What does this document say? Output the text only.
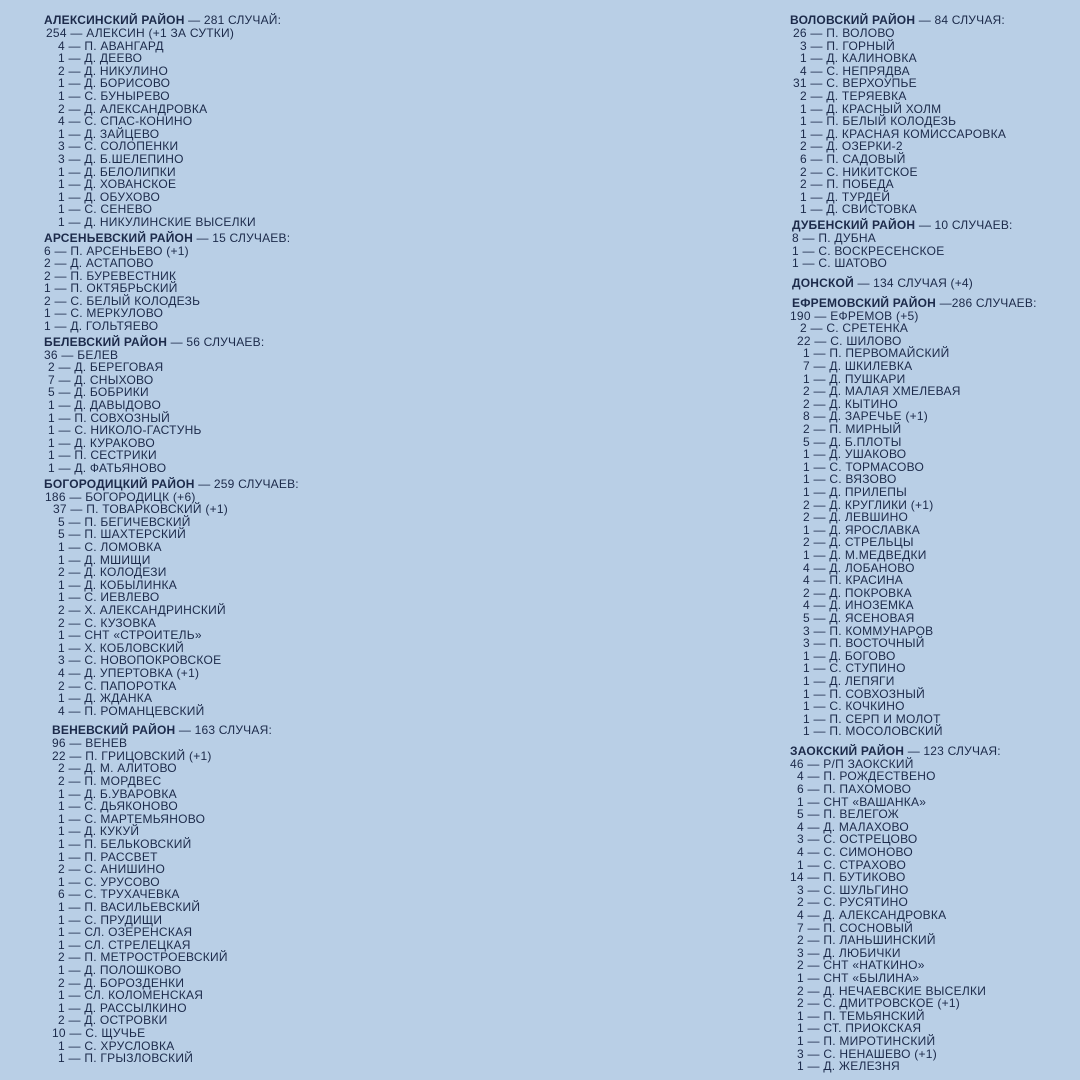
АЛЕКСИНСКИЙ РАЙОН — 281 СЛУЧАЙ:
254 — АЛЕКСИН (+1 ЗА СУТКИ)
4 — П. АВАНГАРД
1 — Д. ДЕЕВО
2 — Д. НИКУЛИНО
1 — Д. БОРИСОВО
1 — С. БУНЫРЕВО
2 — Д. АЛЕКСАНДРОВКА
4 — С. СПАС-КОНИНО
1 — Д. ЗАЙЦЕВО
3 — С. СОЛОПЕНКИ
3 — Д. Б.ШЕЛЕПИНО
1 — Д. БЕЛОЛИПКИ
1 — Д. ХОВАНСКОЕ
1 — Д. ОБУХОВО
1 — С. СЕНЕВО
1 — Д. НИКУЛИНСКИЕ ВЫСЕЛКИ
АРСЕНЬЕВСКИЙ РАЙОН — 15 СЛУЧАЕВ:
6 — П. АРСЕНЬЕВО (+1)
2 — Д. АСТАПОВО
2 — П. БУРЕВЕСТНИК
1 — П. ОКТЯБРЬСКИЙ
2 — С. БЕЛЫЙ КОЛОДЕЗЬ
1 — С. МЕРКУЛОВО
1 — Д. ГОЛЬТЯЕВО
БЕЛЕВСКИЙ РАЙОН — 56 СЛУЧАЕВ:
36 — БЕЛЕВ
2 — Д. БЕРЕГОВАЯ
7 — Д. СНЫХОВО
5 — Д. БОБРИКИ
1 — Д. ДАВЫДОВО
1 — П. СОВХОЗНЫЙ
1 — С. НИКОЛО-ГАСТУНЬ
1 — Д. КУРАКОВО
1 — П. СЕСТРИКИ
1 — Д. ФАТЬЯНОВО
БОГОРОДИЦКИЙ РАЙОН — 259 СЛУЧАЕВ:
186 — БОГОРОДИЦК (+6)
37 — П. ТОВАРКОВСКИЙ (+1)
5 — П. БЕГИЧЕВСКИЙ
5 — П. ШАХТЕРСКИЙ
1 — С. ЛОМОВКА
1 — Д. МШИЩИ
2 — Д. КОЛОДЕЗИ
1 — Д. КОБЫЛИНКА
1 — С. ИЕВЛЕВО
2 — Х. АЛЕКСАНДРИНСКИЙ
2 — С. КУЗОВКА
1 — СНТ «СТРОИТЕЛЬ»
1 — Х. КОБЛОВСКИЙ
3 — С. НОВОПОКРОВСКОЕ
4 — Д. УПЕРТОВКА (+1)
2 — С. ПАПОРОТКА
1 — Д. ЖДАНКА
4 — П. РОМАНЦЕВСКИЙ
ВЕНЕВСКИЙ РАЙОН — 163 СЛУЧАЯ:
96 — ВЕНЕВ
22 — П. ГРИЦОВСКИЙ (+1)
2 — Д. М. АЛИТОВО
2 — П. МОРДВЕС
1 — Д. Б.УВАРОВКА
1 — С. ДЬЯКОНОВО
1 — С. МАРТЕМЬЯНОВО
1 — Д. КУКУЙ
1 — П. БЕЛЬКОВСКИЙ
1 — П. РАССВЕТ
2 — С. АНИШИНО
1 — С. УРУСОВО
6 — С. ТРУХАЧЕВКА
1 — П. ВАСИЛЬЕВСКИЙ
1 — С. ПРУДИЩИ
1 — СЛ. ОЗЕРЕНСКАЯ
1 — СЛ. СТРЕЛЕЦКАЯ
2 — П. МЕТРОСТРОЕВСКИЙ
1 — Д. ПОЛОШКОВО
2 — Д. БОРОЗДЕНКИ
1 — СЛ. КОЛОМЕНСКАЯ
1 — Д. РАССЫЛКИНО
2 — Д. ОСТРОВКИ
10 — С. ЩУЧЬЕ
1 — С. ХРУСЛОВКА
1 — П. ГРЫЗЛОВСКИЙ
ВОЛОВСКИЙ РАЙОН — 84 СЛУЧАЯ:
26 — П. ВОЛОВО
3 — П. ГОРНЫЙ
1 — Д. КАЛИНОВКА
4 — С. НЕПРЯДВА
31 — С. ВЕРХОУПЬЕ
2 — Д. ТЕРЯЕВКА
1 — Д. КРАСНЫЙ ХОЛМ
1 — П. БЕЛЫЙ КОЛОДЕЗЬ
1 — Д. КРАСНАЯ КОМИССАРОВКА
2 — Д. ОЗЕРКИ-2
6 — П. САДОВЫЙ
2 — С. НИКИТСКОЕ
2 — П. ПОБЕДА
1 — Д. ТУРДЕЙ
1 — Д. СВИСТОВКА
ДУБЕНСКИЙ РАЙОН — 10 СЛУЧАЕВ:
8 — П. ДУБНА
1 — С. ВОСКРЕСЕНСКОЕ
1 — С. ШАТОВО
ДОНСКОЙ — 134 СЛУЧАЯ (+4)
ЕФРЕМОВСКИЙ РАЙОН —286 СЛУЧАЕВ:
190 — ЕФРЕМОВ (+5)
2 — С. СРЕТЕНКА
22 — С. ШИЛОВО
1 — П. ПЕРВОМАЙСКИЙ
7 — Д. ШКИЛЕВКА
1 — Д. ПУШКАРИ
2 — Д. МАЛАЯ ХМЕЛЕВАЯ
2 — Д. КЫТИНО
8 — Д. ЗАРЕЧЬЕ (+1)
2 — П. МИРНЫЙ
5 — Д. Б.ПЛОТЫ
1 — Д. УШАКОВО
1 — С. ТОРМАСОВО
1 — С. ВЯЗОВО
1 — Д. ПРИЛЕПЫ
2 — Д. КРУГЛИКИ (+1)
2 — Д. ЛЕВШИНО
1 — Д. ЯРОСЛАВКА
2 — Д. СТРЕЛЬЦЫ
1 — Д. М.МЕДВЕДКИ
4 — Д. ЛОБАНОВО
4 — П. КРАСИНА
2 — Д. ПОКРОВКА
4 — Д. ИНОЗЕМКА
5 — Д. ЯСЕНОВАЯ
3 — П. КОММУНАРОВ
3 — П. ВОСТОЧНЫЙ
1 — Д. БОГОВО
1 — С. СТУПИНО
1 — Д. ЛЕПЯГИ
1 — П. СОВХОЗНЫЙ
1 — С. КОЧКИНО
1 — П. СЕРП И МОЛОТ
1 — П. МОСОЛОВСКИЙ
ЗАОКСКИЙ РАЙОН — 123 СЛУЧАЯ:
46 — Р/П ЗАОКСКИЙ
4 — П. РОЖДЕСТВЕНО
6 — П. ПАХОМОВО
1 — СНТ «ВАШАНКА»
5 — П. ВЕЛЕГОЖ
4 — Д. МАЛАХОВО
3 — С. ОСТРЕЦОВО
4 — С. СИМОНОВО
1 — С. СТРАХОВО
14 — П. БУТИКОВО
3 — С. ШУЛЬГИНО
2 — С. РУСЯТИНО
4 — Д. АЛЕКСАНДРОВКА
7 — П. СОСНОВЫЙ
2 — П. ЛАНЬШИНСКИЙ
3 — Д. ЛЮБИЧКИ
2 — СНТ «НАТКИНО»
1 — СНТ «БЫЛИНА»
2 — Д. НЕЧАЕВСКИЕ ВЫСЕЛКИ
2 — С. ДМИТРОВСКОЕ (+1)
1 — П. ТЕМЬЯНСКИЙ
1 — СТ. ПРИОКСКАЯ
1 — П. МИРОТИНСКИЙ
3 — С. НЕНАШЕВО (+1)
1 — Д. ЖЕЛЕЗНЯ
